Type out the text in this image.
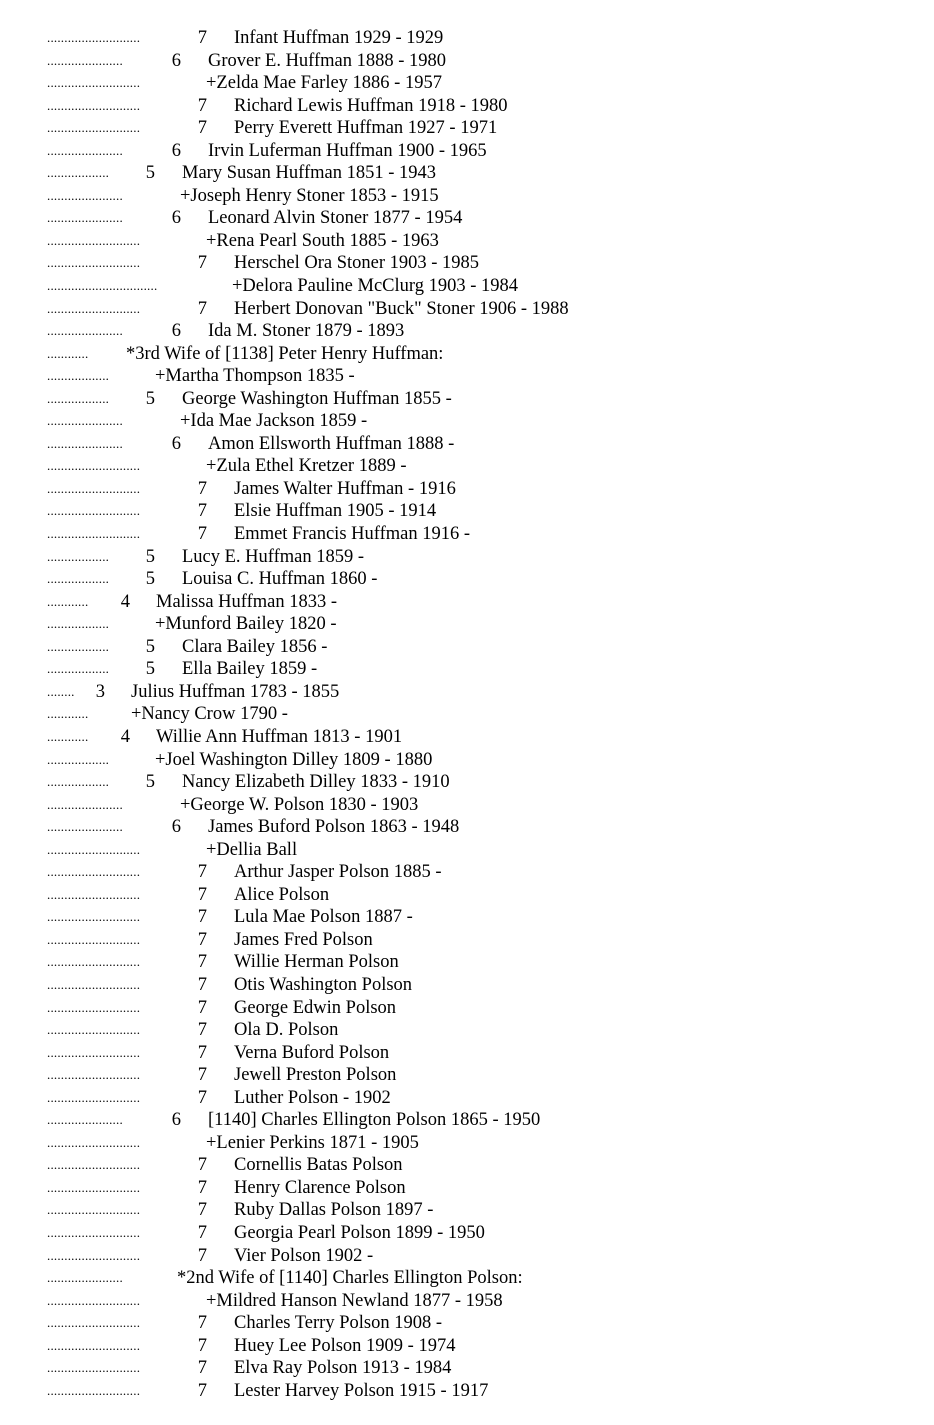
...........................	7 Infant Huffman 1929 - 1929
......................	6 Grover E. Huffman 1888 - 1980
...........................	+Zelda Mae Farley 1886 - 1957
...........................	7 Richard Lewis Huffman 1918 - 1980
...........................	7 Perry Everett Huffman 1927 - 1971
......................	6 Irvin Luferman Huffman 1900 - 1965
..................	5 Mary Susan Huffman 1851 - 1943
......................	+Joseph Henry Stoner 1853 - 1915
......................	6 Leonard Alvin Stoner 1877 - 1954
...........................	+Rena Pearl South 1885 - 1963
...........................	7 Herschel Ora Stoner 1903 - 1985
................................	+Delora Pauline McClurg 1903 - 1984
...........................	7 Herbert Donovan "Buck" Stoner 1906 - 1988
......................	6 Ida M. Stoner 1879 - 1893
............ *3rd Wife of [1138] Peter Henry Huffman:
.................. +Martha Thompson 1835 -
..................	5 George Washington Huffman 1855 -
......................	+Ida Mae Jackson 1859 -
......................	6 Amon Ellsworth Huffman 1888 -
...........................	+Zula Ethel Kretzer 1889 -
...........................	7 James Walter Huffman - 1916
...........................	7 Elsie Huffman 1905 - 1914
...........................	7 Emmet Francis Huffman 1916 -
..................	5 Lucy E. Huffman 1859 -
..................	5 Louisa C. Huffman 1860 -
............	4 Malissa Huffman 1833 -
.................. +Munford Bailey 1820 -
..................	5 Clara Bailey 1856 -
..................	5 Ella Bailey 1859 -
........	3 Julius Huffman 1783 - 1855
............ +Nancy Crow 1790 -
............	4 Willie Ann Huffman 1813 - 1901
.................. +Joel Washington Dilley 1809 - 1880
..................	5 Nancy Elizabeth Dilley 1833 - 1910
......................	+George W. Polson 1830 - 1903
......................	6 James Buford Polson 1863 - 1948
...........................	+Dellia Ball
...........................	7 Arthur Jasper Polson 1885 -
...........................	7 Alice Polson
...........................	7 Lula Mae Polson 1887 -
...........................	7 James Fred Polson
...........................	7 Willie Herman Polson
...........................	7 Otis Washington Polson
...........................	7 George Edwin Polson
...........................	7 Ola D. Polson
...........................	7 Verna Buford Polson
...........................	7 Jewell Preston Polson
...........................	7 Luther Polson - 1902
......................	6 [1140] Charles Ellington Polson 1865 - 1950
...........................	+Lenier Perkins 1871 - 1905
...........................	7 Cornellis Batas Polson
...........................	7 Henry Clarence Polson
...........................	7 Ruby Dallas Polson 1897 -
...........................	7 Georgia Pearl Polson 1899 - 1950
...........................	7 Vier Polson 1902 -
......................	*2nd Wife of [1140] Charles Ellington Polson:
...........................	+Mildred Hanson Newland 1877 - 1958
...........................	7 Charles Terry Polson 1908 -
...........................	7 Huey Lee Polson 1909 - 1974
...........................	7 Elva Ray Polson 1913 - 1984
...........................	7 Lester Harvey Polson 1915 - 1917
